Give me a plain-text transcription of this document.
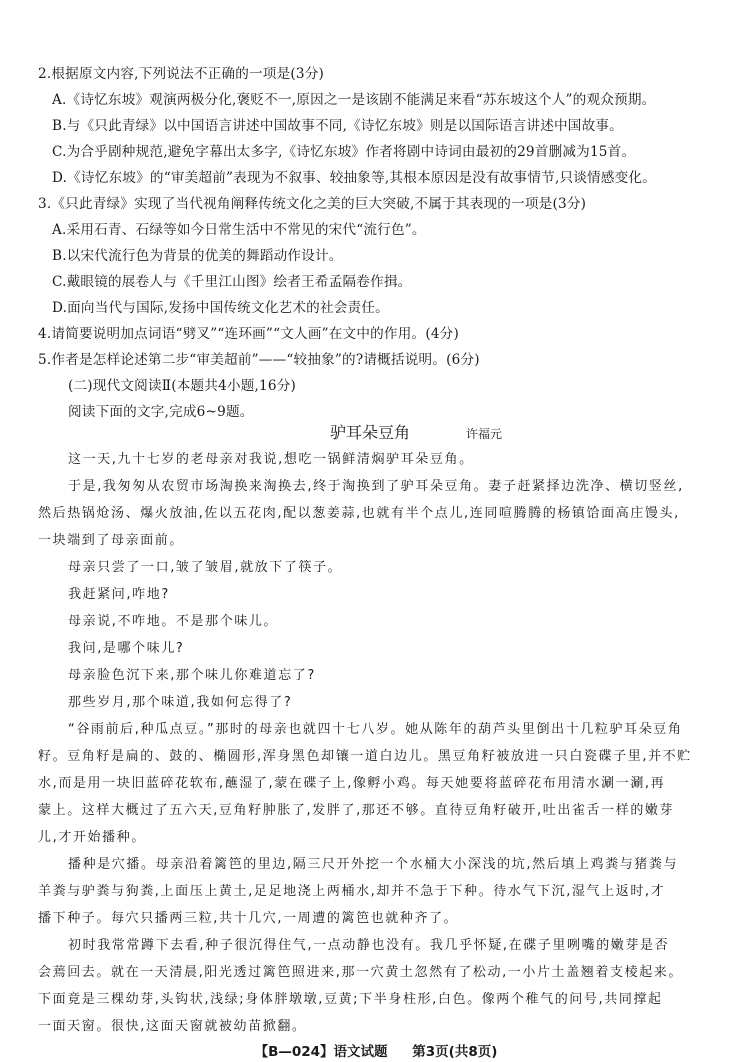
2.根据原文内容,下列说法不正确的一项是(3分)
A.《诗忆东坡》观演两极分化,褒贬不一,原因之一是该剧不能满足来看“苏东坡这个人”的观众预期。
B.与《只此青绿》以中国语言讲述中国故事不同,《诗忆东坡》则是以国际语言讲述中国故事。
C.为合乎剧种规范,避免字幕出太多字,《诗忆东坡》作者将剧中诗词由最初的29首删减为15首。
D.《诗忆东坡》的“审美超前”表现为不叙事、较抽象等,其根本原因是没有故事情节,只谈情感变化。
3.《只此青绿》实现了当代视角阐释传统文化之美的巨大突破,不属于其表现的一项是(3分)
A.采用石青、石绿等如今日常生活中不常见的宋代“流行色”。
B.以宋代流行色为背景的优美的舞蹈动作设计。
C.戴眼镜的展卷人与《千里江山图》绘者王希孟隔卷作揖。
D.面向当代与国际,发扬中国传统文化艺术的社会责任。
4.请简要说明加点词语“劈叉”“连环画”“文人画”在文中的作用。(4分)
5.作者是怎样论述第二步“审美超前”——“较抽象”的?请概括说明。(6分)
(二)现代文阅读Ⅱ(本题共4小题,16分)
阅读下面的文字,完成6~9题。
驴耳朵豆角	许福元
这一天,九十七岁的老母亲对我说,想吃一锅鲜清焖驴耳朵豆角。
于是,我匆匆从农贸市场淘换来淘换去,终于淘换到了驴耳朵豆角。妻子赶紧择边洗净、横切竖丝,
然后热锅炝汤、爆火放油,佐以五花肉,配以葱姜蒜,也就有半个点儿,连同喧腾腾的杨镇饸面高庄馒头,
一块端到了母亲面前。
母亲只尝了一口,皱了皱眉,就放下了筷子。
我赶紧问,咋地?
母亲说,不咋地。不是那个味儿。
我问,是哪个味儿?
母亲脸色沉下来,那个味儿你难道忘了?
那些岁月,那个味道,我如何忘得了?
“谷雨前后,种瓜点豆。”那时的母亲也就四十七八岁。她从陈年的葫芦头里倒出十几粒驴耳朵豆角
籽。豆角籽是扁的、鼓的、椭圆形,浑身黑色却镶一道白边儿。黑豆角籽被放进一只白瓷碟子里,并不贮
水,而是用一块旧蓝碎花软布,蘸湿了,蒙在碟子上,像孵小鸡。每天她要将蓝碎花布用清水涮一涮,再
蒙上。这样大概过了五六天,豆角籽肿胀了,发胖了,那还不够。直待豆角籽破开,吐出雀舌一样的嫩芽
儿,才开始播种。
播种是穴播。母亲沿着篱笆的里边,隔三尺开外挖一个水桶大小深浅的坑,然后填上鸡粪与猪粪与
羊粪与驴粪与狗粪,上面压上黄土,足足地浇上两桶水,却并不急于下种。待水气下沉,湿气上返时,才
播下种子。每穴只播两三粒,共十几穴,一周遭的篱笆也就种齐了。
初时我常常蹲下去看,种子很沉得住气,一点动静也没有。我几乎怀疑,在碟子里咧嘴的嫩芽是否
会蔫回去。就在一天清晨,阳光透过篱笆照进来,那一穴黄土忽然有了松动,一小片土盖翘着支棱起来。
下面竟是三棵幼芽,头钩状,浅绿;身体胖墩墩,豆黄;下半身柱形,白色。像两个稚气的问号,共同撑起
一面天窗。很快,这面天窗就被幼苗掀翻。
【B—024】语文试题 第3页(共8页)
